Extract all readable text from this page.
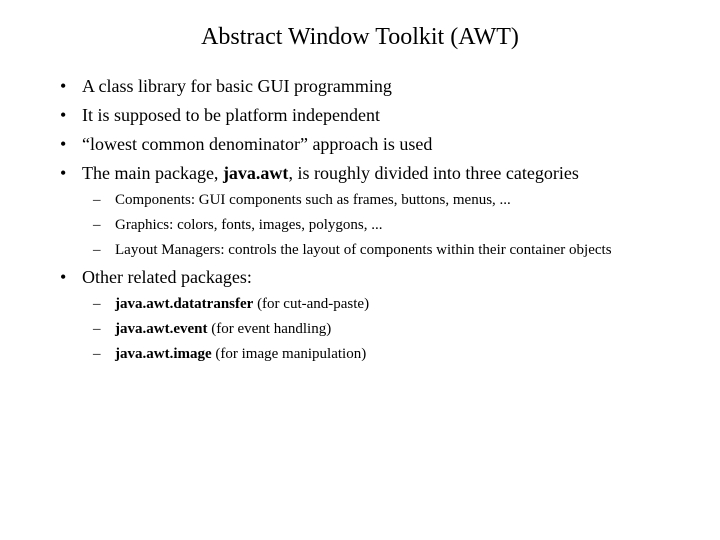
Abstract Window Toolkit (AWT)
• A class library for basic GUI programming
• It is supposed to be platform independent
• “lowest common denominator” approach is used
• The main package, java.awt, is roughly divided into three categories
– Components: GUI components such as frames, buttons, menus, ...
– Graphics: colors, fonts, images, polygons, ...
– Layout Managers: controls the layout of components within their container objects
• Other related packages:
– java.awt.datatransfer (for cut-and-paste)
– java.awt.event (for event handling)
– java.awt.image (for image manipulation)
